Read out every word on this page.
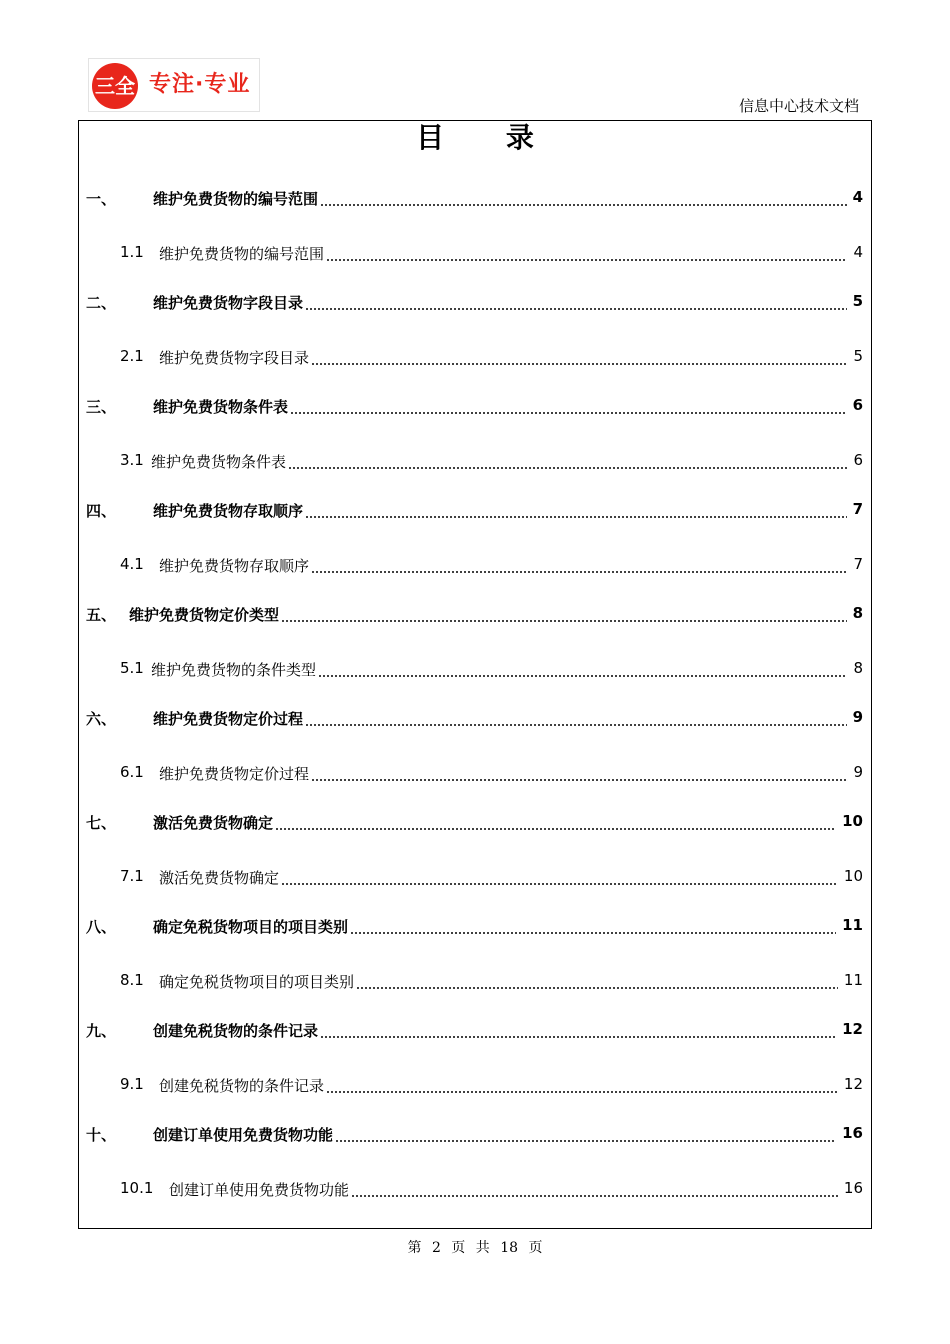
三全 专注·专业
信息中心技术文档
目 录
一、 维护免费货物的编号范围	4
1.1 维护免费货物的编号范围	4
二、 维护免费货物字段目录	5
2.1 维护免费货物字段目录	5
三、 维护免费货物条件表	6
3.1 维护免费货物条件表	6
四、 维护免费货物存取顺序	7
4.1 维护免费货物存取顺序	7
五、 维护免费货物定价类型	8
5.1 维护免费货物的条件类型	8
六、 维护免费货物定价过程	9
6.1 维护免费货物定价过程	9
七、 激活免费货物确定	10
7.1 激活免费货物确定	10
八、 确定免税货物项目的项目类别	11
8.1 确定免税货物项目的项目类别	11
九、 创建免税货物的条件记录	12
9.1 创建免税货物的条件记录	12
十、 创建订单使用免费货物功能	16
10.1 创建订单使用免费货物功能	16
第 2 页 共 18 页
